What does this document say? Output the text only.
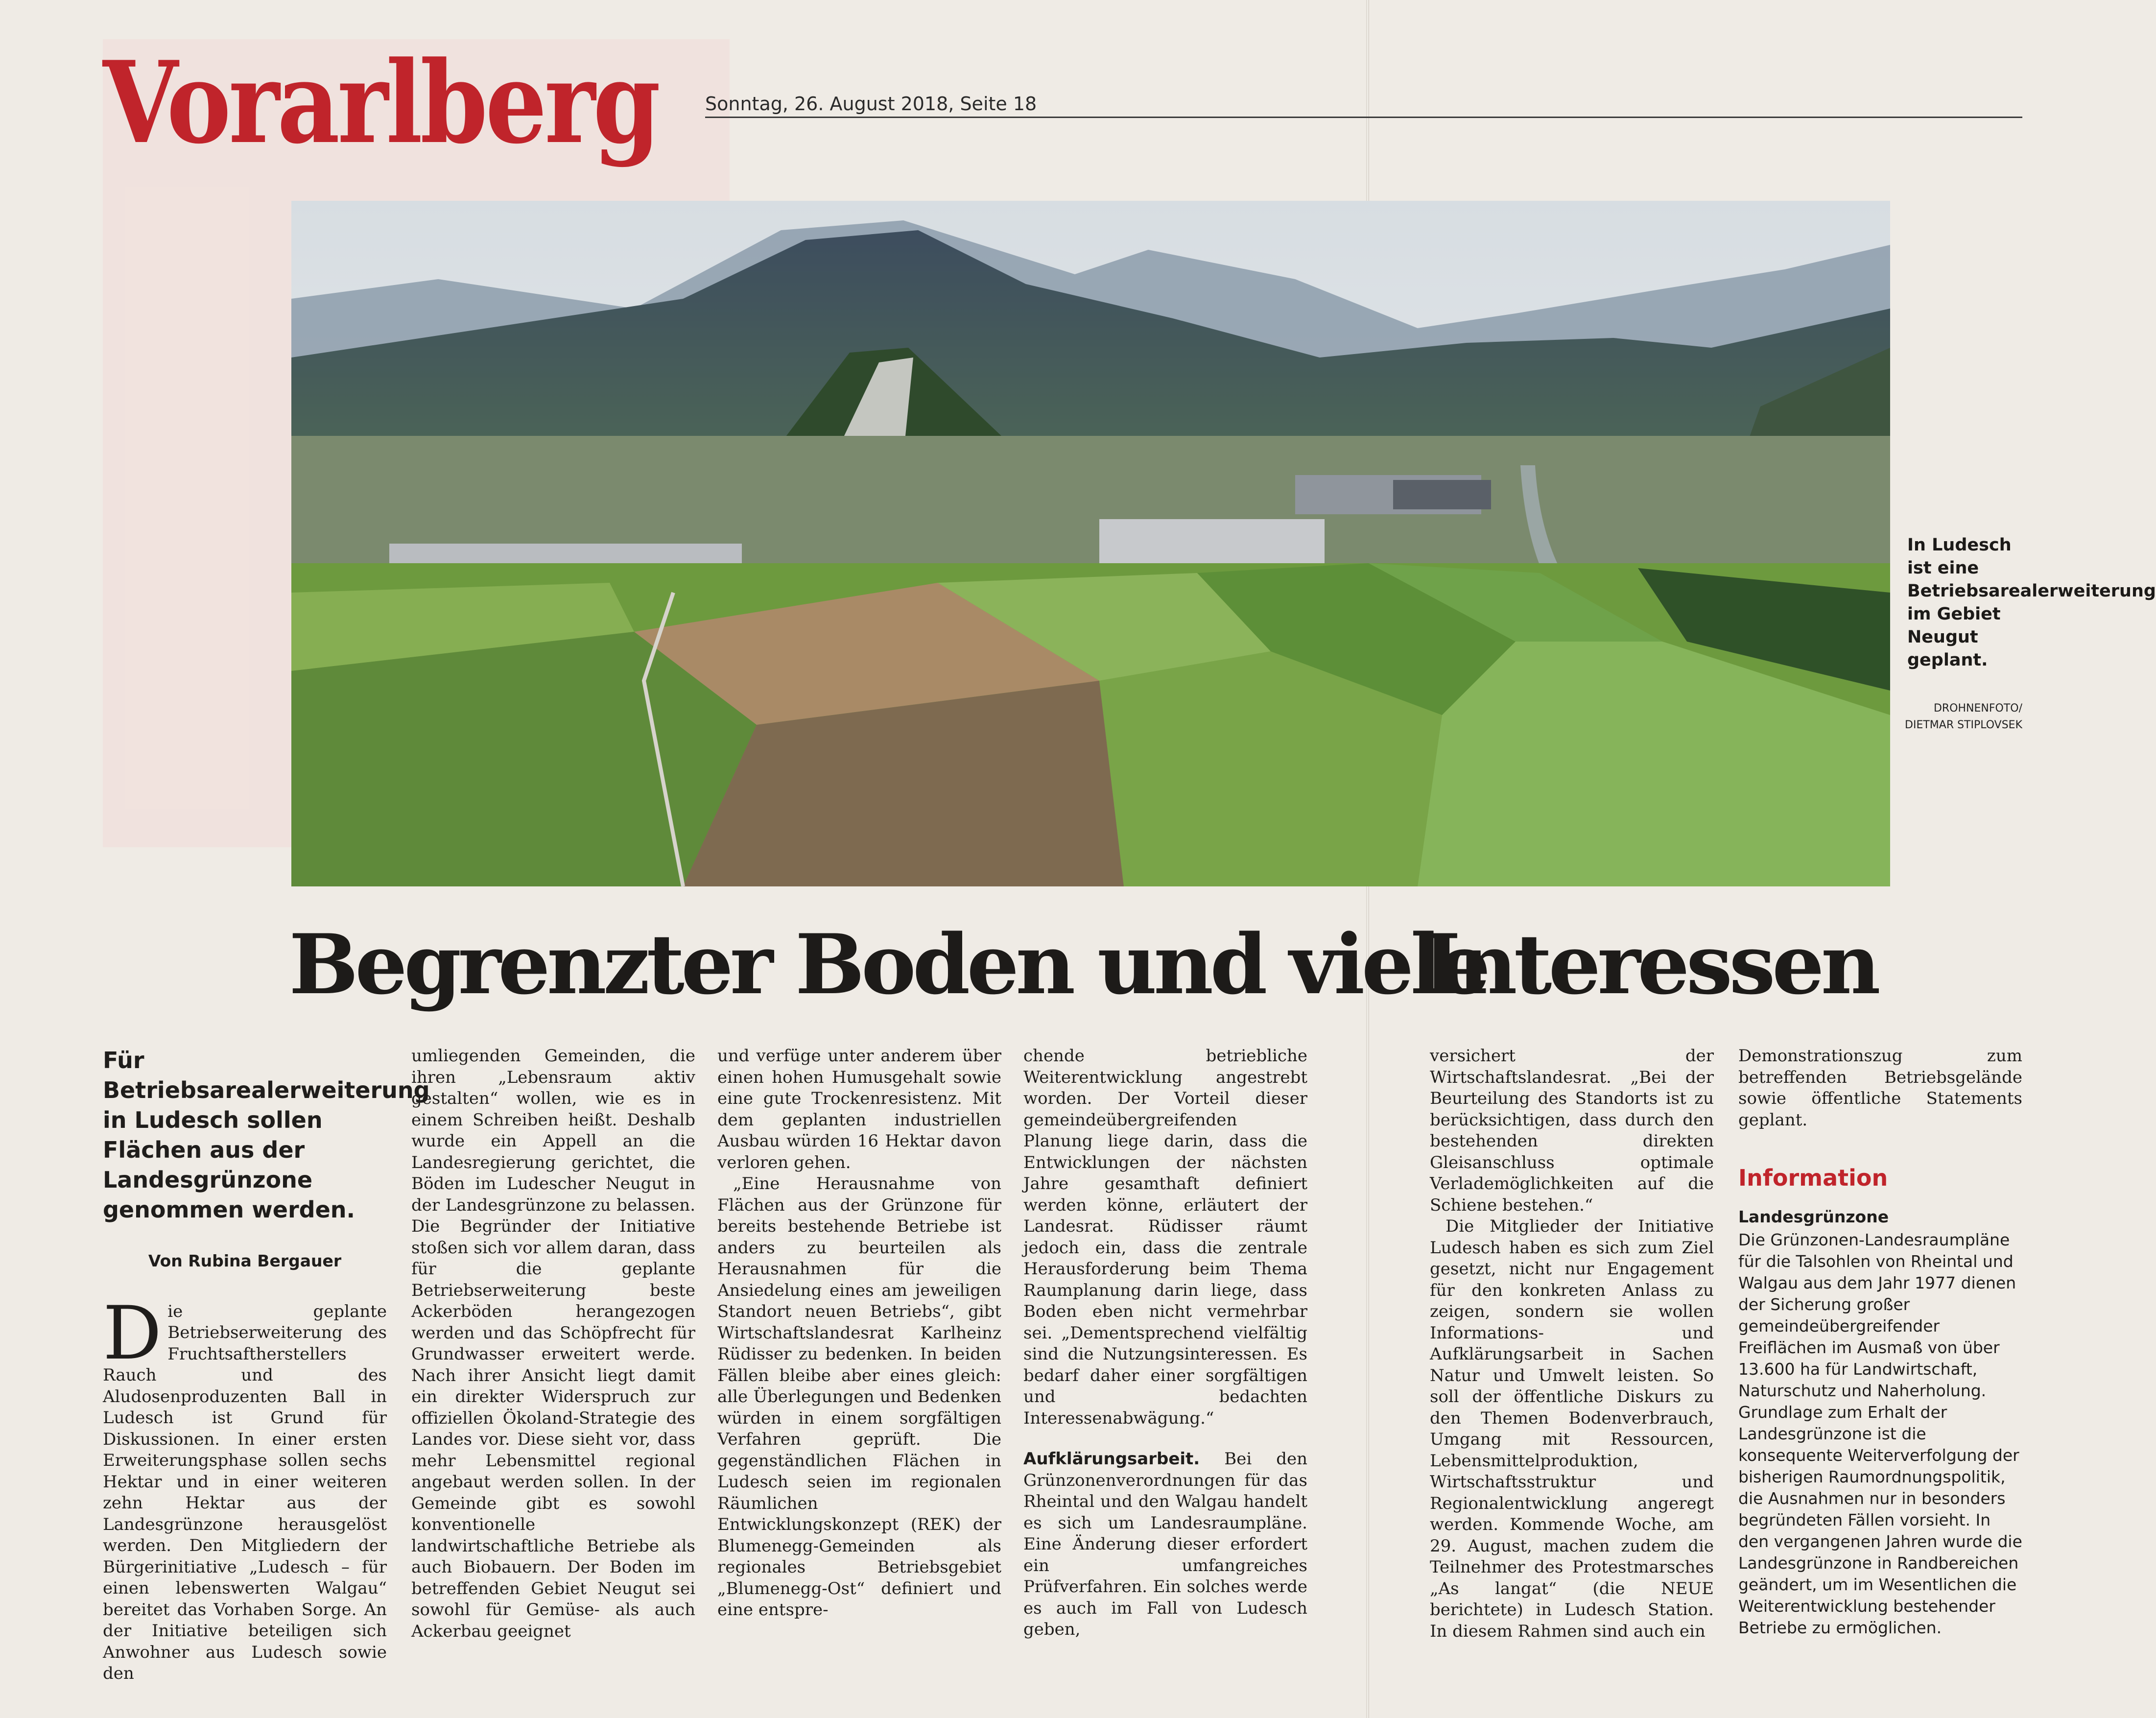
Vorarlberg	Sonntag, 26. August 2018, Seite 18
In Ludesch ist eine Betriebsarealerweiterung im Gebiet Neugut geplant.
DROHNENFOTO/
DIETMAR STIPLOVSEK
Begrenzter Boden und viele
Interessen
Für Betriebsarealerweiterung in Ludesch sollen Flächen aus der Landesgrünzone genommen werden.
Von Rubina Bergauer

Die geplante Betriebserweiterung des Fruchtsaftherstellers Rauch und des Aludosenproduzenten Ball in Ludesch ist Grund für Diskussionen. In einer ersten Erweiterungsphase sollen sechs Hektar und in einer weiteren zehn Hektar aus der Landesgrünzone herausgelöst werden. Den Mitgliedern der Bürgerinitiative „Ludesch – für einen lebenswerten Walgau“ bereitet das Vorhaben Sorge. An der Initiative beteiligen sich Anwohner aus Ludesch sowie den

umliegenden Gemeinden, die ihren „Lebensraum aktiv gestalten“ wollen, wie es in einem Schreiben heißt. Deshalb wurde ein Appell an die Landesregierung gerichtet, die Böden im Ludescher Neugut in der Landesgrünzone zu belassen. Die Begründer der Initiative stoßen sich vor allem daran, dass für die geplante Betriebserweiterung beste Ackerböden herangezogen werden und das Schöpfrecht für Grundwasser erweitert werde. Nach ihrer Ansicht liegt damit ein direkter Widerspruch zur offiziellen Ökoland-Strategie des Landes vor. Diese sieht vor, dass mehr Lebensmittel regional angebaut werden sollen. In der Gemeinde gibt es sowohl konventionelle landwirtschaftliche Betriebe als auch Biobauern. Der Boden im betreffenden Gebiet Neugut sei sowohl für Gemüse- als auch Ackerbau geeignet

und verfüge unter anderem über einen hohen Humusgehalt sowie eine gute Trockenresistenz. Mit dem geplanten industriellen Ausbau würden 16 Hektar davon verloren gehen.

„Eine Herausnahme von Flächen aus der Grünzone für bereits bestehende Betriebe ist anders zu beurteilen als Herausnahmen für die Ansiedelung eines am jeweiligen Standort neuen Betriebs“, gibt Wirtschaftslandesrat Karlheinz Rüdisser zu bedenken. In beiden Fällen bleibe aber eines gleich: alle Überlegungen und Bedenken würden in einem sorgfältigen Verfahren geprüft. Die gegenständlichen Flächen in Ludesch seien im regionalen Räumlichen Entwicklungskonzept (REK) der Blumenegg-Gemeinden als regionales Betriebsgebiet „Blumenegg-Ost“ definiert und eine entspre-

chende betriebliche Weiterentwicklung angestrebt worden. Der Vorteil dieser gemeindeübergreifenden Planung liege darin, dass die Entwicklungen der nächsten Jahre gesamthaft definiert werden könne, erläutert der Landesrat. Rüdisser räumt jedoch ein, dass die zentrale Herausforderung beim Thema Raumplanung darin liege, dass Boden eben nicht vermehrbar sei. „Dementsprechend vielfältig sind die Nutzungsinteressen. Es bedarf daher einer sorgfältigen und bedachten Interessenabwägung.“

Aufklärungsarbeit. Bei den Grünzonenverordnungen für das Rheintal und den Walgau handelt es sich um Landesraumpläne. Eine Änderung dieser erfordert ein umfangreiches Prüfverfahren. Ein solches werde es auch im Fall von Ludesch geben,

versichert der Wirtschaftslandesrat. „Bei der Beurteilung des Standorts ist zu berücksichtigen, dass durch den bestehenden direkten Gleisanschluss optimale Verlademöglichkeiten auf die Schiene bestehen.“

Die Mitglieder der Initiative Ludesch haben es sich zum Ziel gesetzt, nicht nur Engagement für den konkreten Anlass zu zeigen, sondern sie wollen Informations- und Aufklärungsarbeit in Sachen Natur und Umwelt leisten. So soll der öffentliche Diskurs zu den Themen Bodenverbrauch, Umgang mit Ressourcen, Lebensmittelproduktion, Wirtschaftsstruktur und Regionalentwicklung angeregt werden. Kommende Woche, am 29. August, machen zudem die Teilnehmer des Protestmarsches „As langat“ (die NEUE berichtete) in Ludesch Station. In diesem Rahmen sind auch ein

Demonstrationszug zum betreffenden Betriebsgelände sowie öffentliche Statements geplant.

Information
Landesgrünzone
Die Grünzonen-Landesraumpläne für die Talsohlen von Rheintal und Walgau aus dem Jahr 1977 dienen der Sicherung großer gemeindeübergreifender Freiflächen im Ausmaß von über 13.600 ha für Landwirtschaft, Naturschutz und Naherholung. Grundlage zum Erhalt der Landesgrünzone ist die konsequente Weiterverfolgung der bisherigen Raumordnungspolitik, die Ausnahmen nur in besonders begründeten Fällen vorsieht. In den vergangenen Jahren wurde die Landesgrünzone in Randbereichen geändert, um im Wesentlichen die Weiterentwicklung bestehender Betriebe zu ermöglichen.
